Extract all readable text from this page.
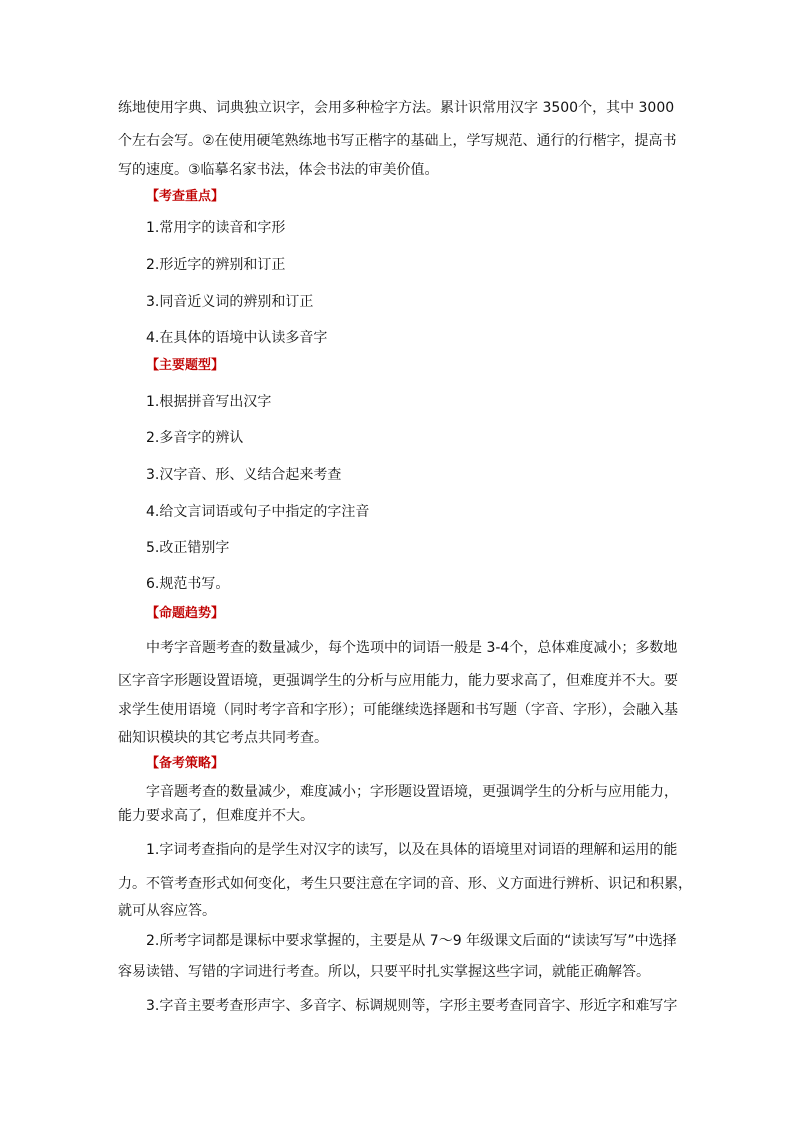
练地使用字典、词典独立识字，会用多种检字方法。累计识常用汉字 3500个，其中 3000
个左右会写。②在使用硬笔熟练地书写正楷字的基础上，学写规范、通行的行楷字，提高书
写的速度。③临摹名家书法，体会书法的审美价值。
【考查重点】
1.常用字的读音和字形
2.形近字的辨别和订正
3.同音近义词的辨别和订正
4.在具体的语境中认读多音字
【主要题型】
1.根据拼音写出汉字
2.多音字的辨认
3.汉字音、形、义结合起来考查
4.给文言词语或句子中指定的字注音
5.改正错别字
6.规范书写。
【命题趋势】
中考字音题考查的数量减少，每个选项中的词语一般是 3-4个，总体难度减小；多数地
区字音字形题设置语境，更强调学生的分析与应用能力，能力要求高了，但难度并不大。要
求学生使用语境（同时考字音和字形）；可能继续选择题和书写题（字音、字形），会融入基
础知识模块的其它考点共同考查。
【备考策略】
字音题考查的数量减少，难度减小；字形题设置语境，更强调学生的分析与应用能力，
能力要求高了，但难度并不大。
1.字词考查指向的是学生对汉字的读写，以及在具体的语境里对词语的理解和运用的能
力。不管考查形式如何变化，考生只要注意在字词的音、形、义方面进行辨析、识记和积累，
就可从容应答。
2.所考字词都是课标中要求掌握的，主要是从 7～9 年级课文后面的“读读写写”中选择
容易读错、写错的字词进行考查。所以，只要平时扎实掌握这些字词，就能正确解答。
3.字音主要考查形声字、多音字、标调规则等，字形主要考查同音字、形近字和难写字
